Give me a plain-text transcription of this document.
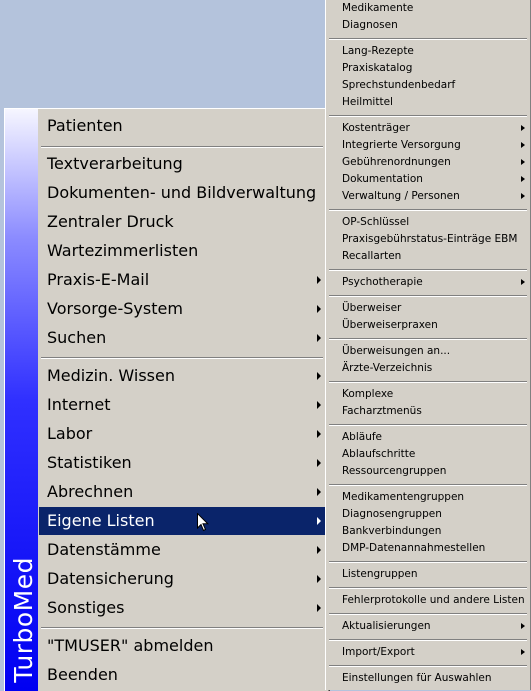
TurboMed
Patienten
Textverarbeitung
Dokumenten- und Bildverwaltung
Zentraler Druck
Wartezimmerlisten
Praxis-E-Mail
Vorsorge-System
Suchen
Medizin. Wissen
Internet
Labor
Statistiken
Abrechnen
Eigene Listen
Datenstämme
Datensicherung
Sonstiges
"TMUSER" abmelden
Beenden
Medikamente
Diagnosen
Lang-Rezepte
Praxiskatalog
Sprechstundenbedarf
Heilmittel
Kostenträger
Integrierte Versorgung
Gebührenordnungen
Dokumentation
Verwaltung / Personen
OP-Schlüssel
Praxisgebührstatus-Einträge EBM
Recallarten
Psychotherapie
Überweiser
Überweiserpraxen
Überweisungen an...
Ärzte-Verzeichnis
Komplexe
Facharztmenüs
Abläufe
Ablaufschritte
Ressourcengruppen
Medikamentengruppen
Diagnosengruppen
Bankverbindungen
DMP-Datenannahmestellen
Listengruppen
Fehlerprotokolle und andere Listen
Aktualisierungen
Import/Export
Einstellungen für Auswahlen
